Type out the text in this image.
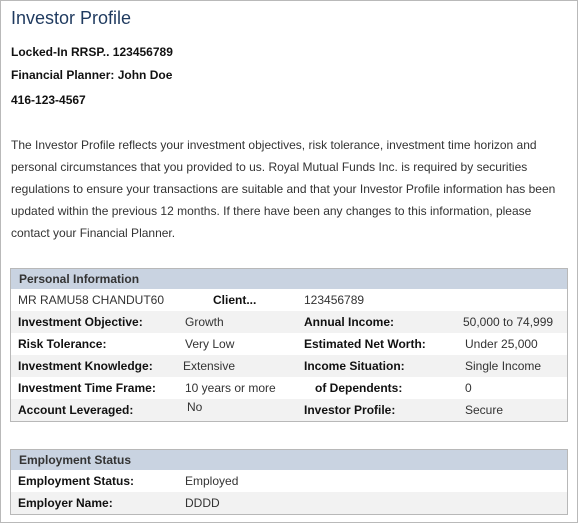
Investor Profile
Locked-In RRSP.. 123456789
Financial Planner: John Doe
416-123-4567
The Investor Profile reflects your investment objectives, risk tolerance, investment time horizon and personal circumstances that you provided to us. Royal Mutual Funds Inc. is required by securities regulations to ensure your transactions are suitable and that your Investor Profile information has been updated within the previous 12 months. If there have been any changes to this information, please contact your Financial Planner.
Personal Information
MR RAMU58 CHANDUT60	Client...	123456789
Investment Objective:	Growth	Annual Income:	50,000 to 74,999
Risk Tolerance:	Very Low	Estimated Net Worth:	Under 25,000
Investment Knowledge:	Extensive	Income Situation:	Single Income
Investment Time Frame: 10 years or more	of Dependents:	0
Account Leveraged:	No	Investor Profile:	Secure
Employment Status
Employment Status:	Employed
Employer Name:	DDDD
